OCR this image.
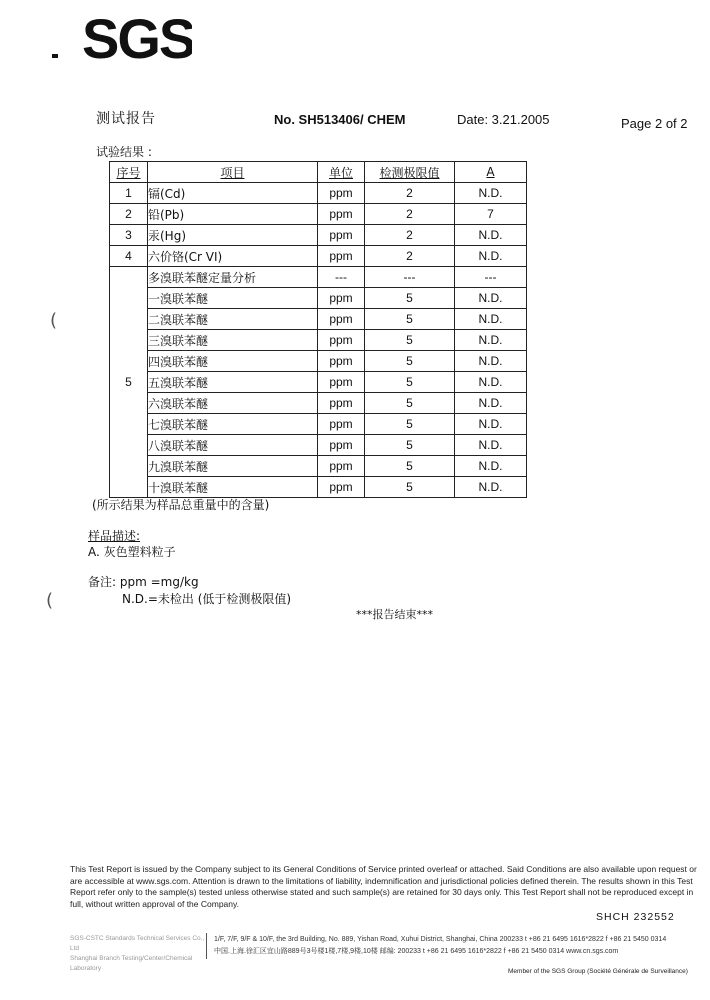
SGS
测试报告	No. SH513406/ CHEM	Date: 3.21.2005	Page 2 of 2
试验结果 :
序号	项目	单位	检测极限值	A
1	镉(Cd)	ppm	2	N.D.
2	铅(Pb)	ppm	2	7
3	汞(Hg)	ppm	2	N.D.
4	六价铬(Cr VI)	ppm	2	N.D.
5	多溴联苯醚定量分析	---	---	---
	一溴联苯醚	ppm	5	N.D.
	二溴联苯醚	ppm	5	N.D.
	三溴联苯醚	ppm	5	N.D.
	四溴联苯醚	ppm	5	N.D.
	五溴联苯醚	ppm	5	N.D.
	六溴联苯醚	ppm	5	N.D.
	七溴联苯醚	ppm	5	N.D.
	八溴联苯醚	ppm	5	N.D.
	九溴联苯醚	ppm	5	N.D.
	十溴联苯醚	ppm	5	N.D.
(所示结果为样品总重量中的含量)
样品描述:
A. 灰色塑料粒子
备注: ppm =mg/kg
N.D.=未检出 (低于检测极限值)
***报告结束***
(
(
This Test Report is issued by the Company subject to its General Conditions of Service printed overleaf or attached. Said Conditions are also available upon request or are accessible at www.sgs.com. Attention is drawn to the limitations of liability, indemnification and jurisdictional policies defined therein. The results shown in this Test Report refer only to the sample(s) tested unless otherwise stated and such sample(s) are retained for 30 days only. This Test Report shall not be reproduced except in full, without written approval of the Company.
SHCH 232552
SGS-CSTC Standards Technical Services Co., Ltd
Shanghai Branch Testing/Center/Chemical Laboratory
1/F, 7/F, 9/F & 10/F, the 3rd Building, No. 889, Yishan Road, Xuhui District, Shanghai, China 200233 t +86 21 6495 1616*2822 f +86 21 5450 0314
中国.上海.徐汇区宜山路889号3号楼1楼,7楼,9楼,10楼 邮编: 200233 t +86 21 6495 1616*2822 f +86 21 5450 0314 www.cn.sgs.com
Member of the SGS Group (Société Générale de Surveillance)
